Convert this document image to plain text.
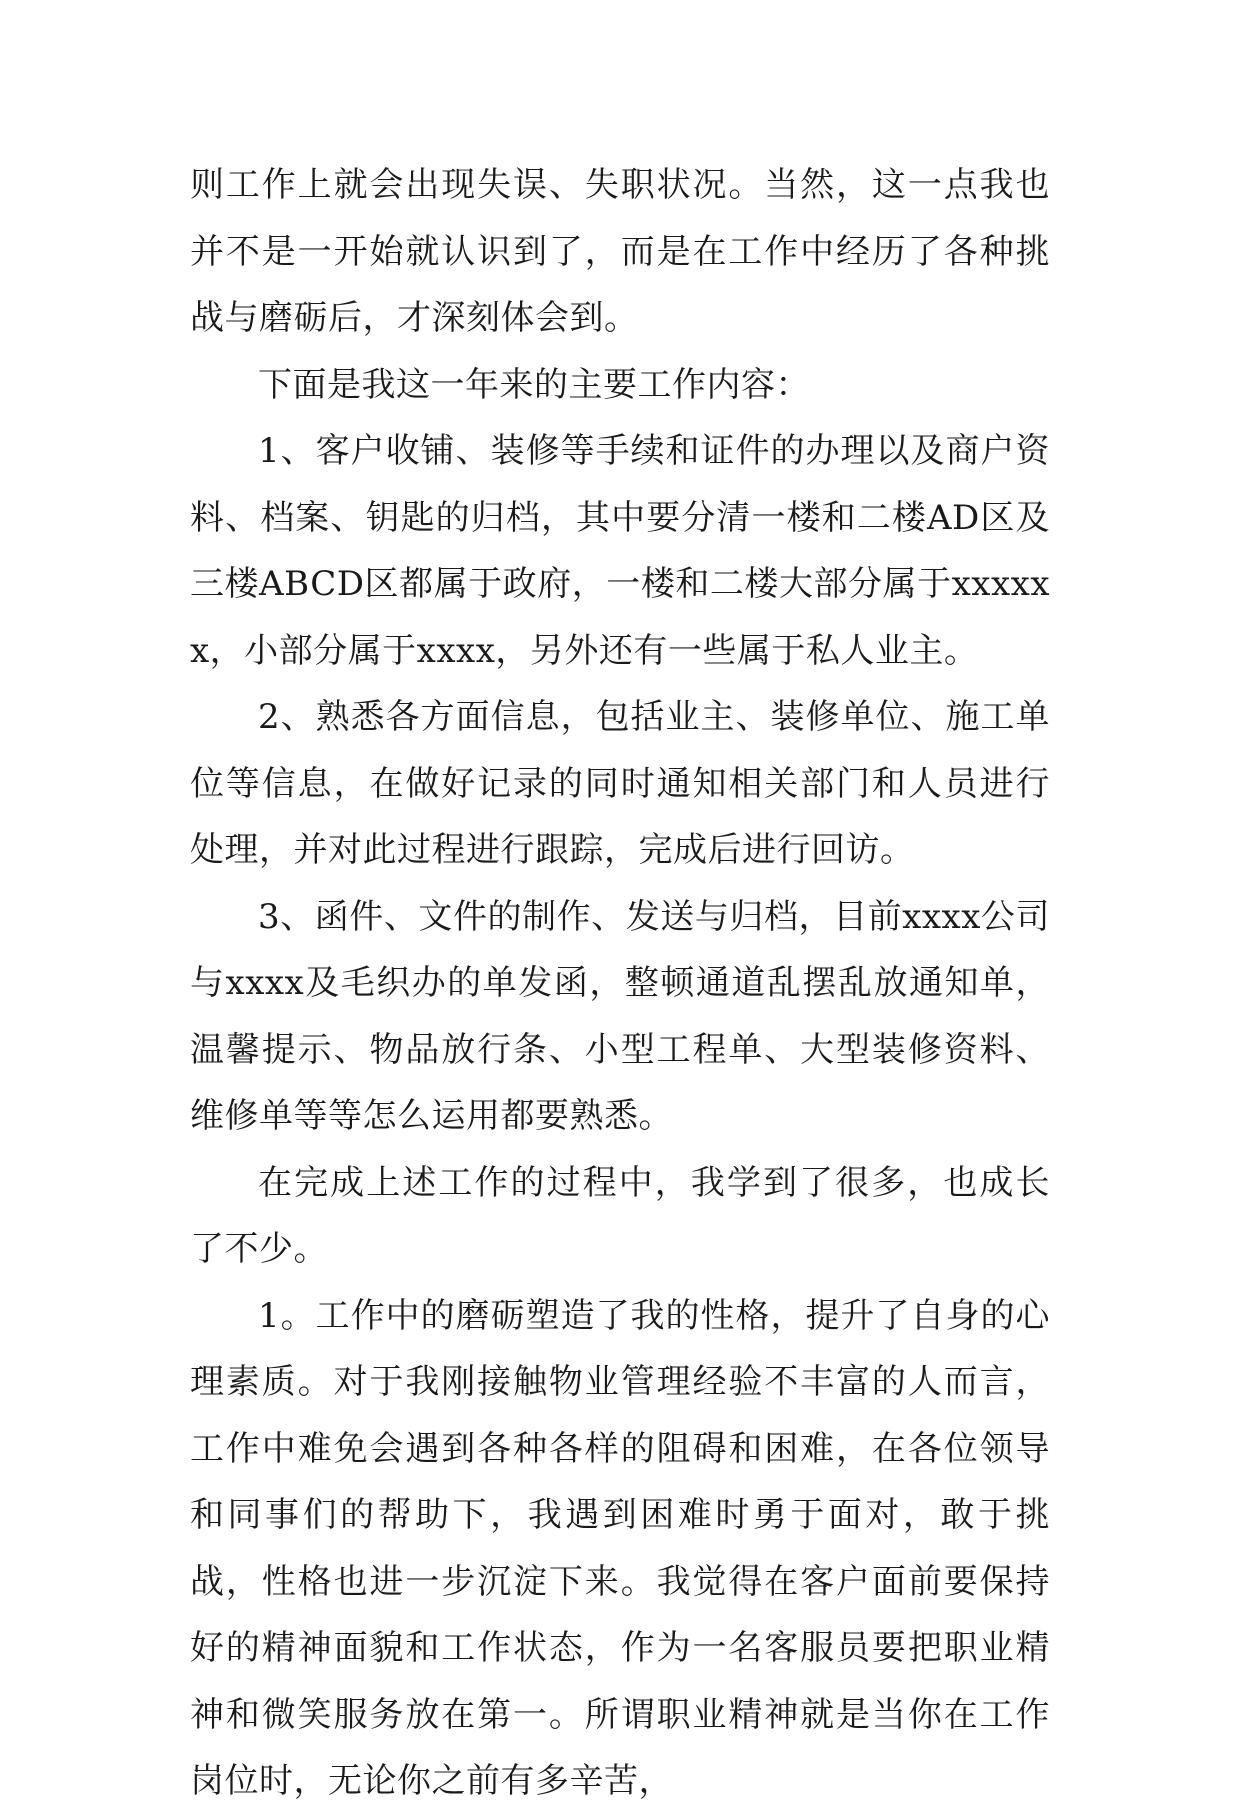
则工作上就会出现失误、失职状况。当然，这一点我也并不是一开始就认识到了，而是在工作中经历了各种挑战与磨砺后，才深刻体会到。

下面是我这一年来的主要工作内容：

1、客户收铺、装修等手续和证件的办理以及商户资料、档案、钥匙的归档，其中要分清一楼和二楼AD区及三楼ABCD区都属于政府，一楼和二楼大部分属于xxxxxx，小部分属于xxxx，另外还有一些属于私人业主。

2、熟悉各方面信息，包括业主、装修单位、施工单位等信息，在做好记录的同时通知相关部门和人员进行处理，并对此过程进行跟踪，完成后进行回访。

3、函件、文件的制作、发送与归档，目前xxxx公司与xxxx及毛织办的单发函，整顿通道乱摆乱放通知单，温馨提示、物品放行条、小型工程单、大型装修资料、维修单等等怎么运用都要熟悉。

在完成上述工作的过程中，我学到了很多，也成长了不少。

1。工作中的磨砺塑造了我的性格，提升了自身的心理素质。对于我刚接触物业管理经验不丰富的人而言，工作中难免会遇到各种各样的阻碍和困难，在各位领导和同事们的帮助下，我遇到困难时勇于面对，敢于挑战，性格也进一步沉淀下来。我觉得在客户面前要保持好的精神面貌和工作状态，作为一名客服员要把职业精神和微笑服务放在第一。所谓职业精神就是当你在工作岗位时，无论你之前有多辛苦，
